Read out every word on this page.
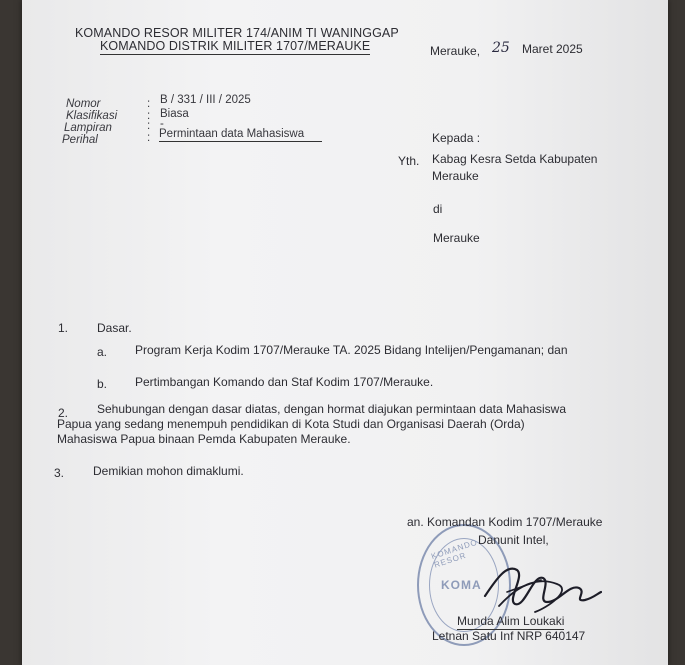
KOMANDO RESOR MILITER 174/ANIM TI WANINGGAP
KOMANDO DISTRIK MILITER 1707/MERAUKE	Merauke, 25 Maret 2025
Nomor	: B / 331 / III / 2025
Klasifikasi	: Biasa
Lampiran	: -
Perihal	: Permintaan data Mahasiswa	Kepada :
Yth. Kabag Kesra Setda Kabupaten
Merauke
di
Merauke
1. Dasar.
a. Program Kerja Kodim 1707/Merauke TA. 2025 Bidang Intelijen/Pengamanan; dan
b. Pertimbangan Komando dan Staf Kodim 1707/Merauke.
2. Sehubungan dengan dasar diatas, dengan hormat diajukan permintaan data Mahasiswa
Papua yang sedang menempuh pendidikan di Kota Studi dan Organisasi Daerah (Orda)
Mahasiswa Papua binaan Pemda Kabupaten Merauke.
3. Demikian mohon dimaklumi.
KOMANDO RESOR
KOMA
an. Komandan Kodim 1707/Merauke
Danunit Intel,
Munda Alim Loukaki
Letnan Satu Inf NRP 640147
